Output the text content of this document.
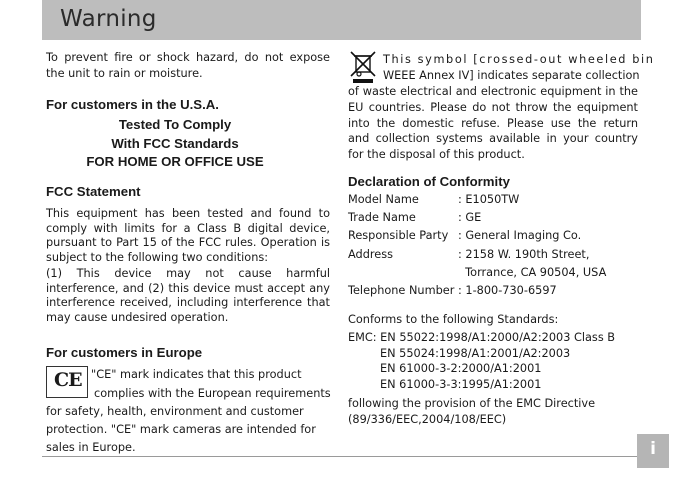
Warning

To prevent fire or shock hazard, do not expose the unit to rain or moisture.

For customers in the U.S.A.

Tested To Comply
With FCC Standards
FOR HOME OR OFFICE USE

FCC Statement

This equipment has been tested and found to comply with limits for a Class B digital device, pursuant to Part 15 of the FCC rules. Operation is subject to the following two conditions:

(1) This device may not cause harmful interference, and (2) this device must accept any interference received, including interference that may cause undesired operation.

For customers in Europe

CE "CE" mark indicates that this product

complies with the European requirements

for safety, health, environment and customer protection. "CE" mark cameras are intended for sales in Europe.

This symbol [crossed-out wheeled bin

WEEE Annex IV] indicates separate collection

of waste electrical and electronic equipment in the EU countries. Please do not throw the equipment into the domestic refuse. Please use the return and collection systems available in your country for the disposal of this product.

Declaration of Conformity

Model Name	: E1050TW
Trade Name	: GE
Responsible Party : General Imaging Co.
Address	: 2158 W. 190th Street,
Torrance, CA 90504, USA
Telephone Number : 1-800-730-6597

Conforms to the following Standards:

EMC: EN 55022:1998/A1:2000/A2:2003 Class B
EN 55024:1998/A1:2001/A2:2003
EN 61000-3-2:2000/A1:2001
EN 61000-3-3:1995/A1:2001

following the provision of the EMC Directive (89/336/EEC,2004/108/EEC)

i
